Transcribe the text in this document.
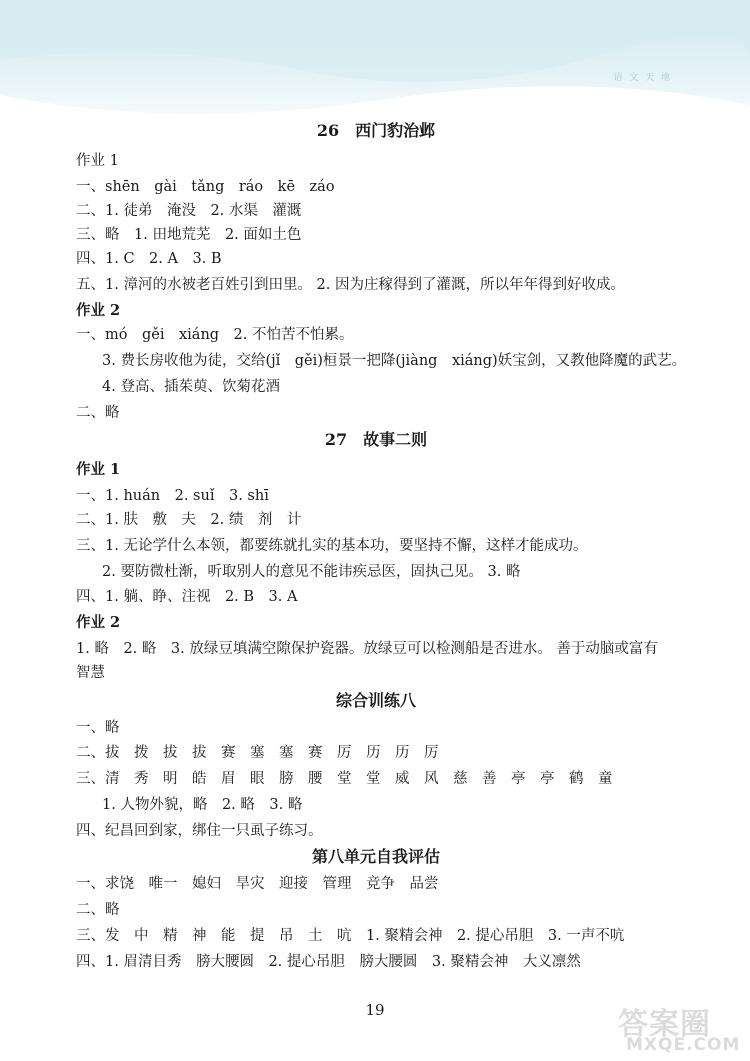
语 文 天 地
26　西门豹治邺
作业 1
一、shēn　gài　tǎng　ráo　kē　záo
二、1. 徒弟　淹没　2. 水渠　灌溉
三、略　1. 田地荒芜　2. 面如土色
四、1. C　2. A　3. B
五、1. 漳河的水被老百姓引到田里。 2. 因为庄稼得到了灌溉，所以年年得到好收成。
作业 2
一、mó　gěi　xiáng　2. 不怕苦不怕累。
3. 费长房收他为徒，交给(jǐ　gěi)桓景一把降(jiàng　xiáng)妖宝剑，又教他降魔的武艺。
4. 登高、插茱萸、饮菊花酒
二、略
27　故事二则
作业 1
一、1. huán　2. suǐ　3. shī
二、1. 肤　敷　夫　2. 绩　剂　计
三、1. 无论学什么本领，都要练就扎实的基本功，要坚持不懈，这样才能成功。
2. 要防微杜渐，听取别人的意见不能讳疾忌医，固执己见。 3. 略
四、1. 躺、睁、注视　2. B　3. A
作业 2
1. 略　2. 略　3. 放绿豆填满空隙保护瓷器。放绿豆可以检测船是否进水。 善于动脑或富有
智慧
综合训练八
一、略
二、拔　拨　拔　拔　赛　塞　塞　赛　厉　历　历　厉
三、清　秀　明　皓　眉　眼　膀　腰　堂　堂　威　风　慈　善　亭　亭　鹤　童
1. 人物外貌，略　2. 略　3. 略
四、纪昌回到家，绑住一只虱子练习。
第八单元自我评估
一、求饶　唯一　媳妇　旱灾　迎接　管理　竞争　品尝
二、略
三、发　中　精　神　能　提　吊　土　吭　1. 聚精会神　2. 提心吊胆　3. 一声不吭
四、1. 眉清目秀　膀大腰圆　2. 提心吊胆　膀大腰圆　3. 聚精会神　大义凛然
19	答案圈
MXQE.COM
